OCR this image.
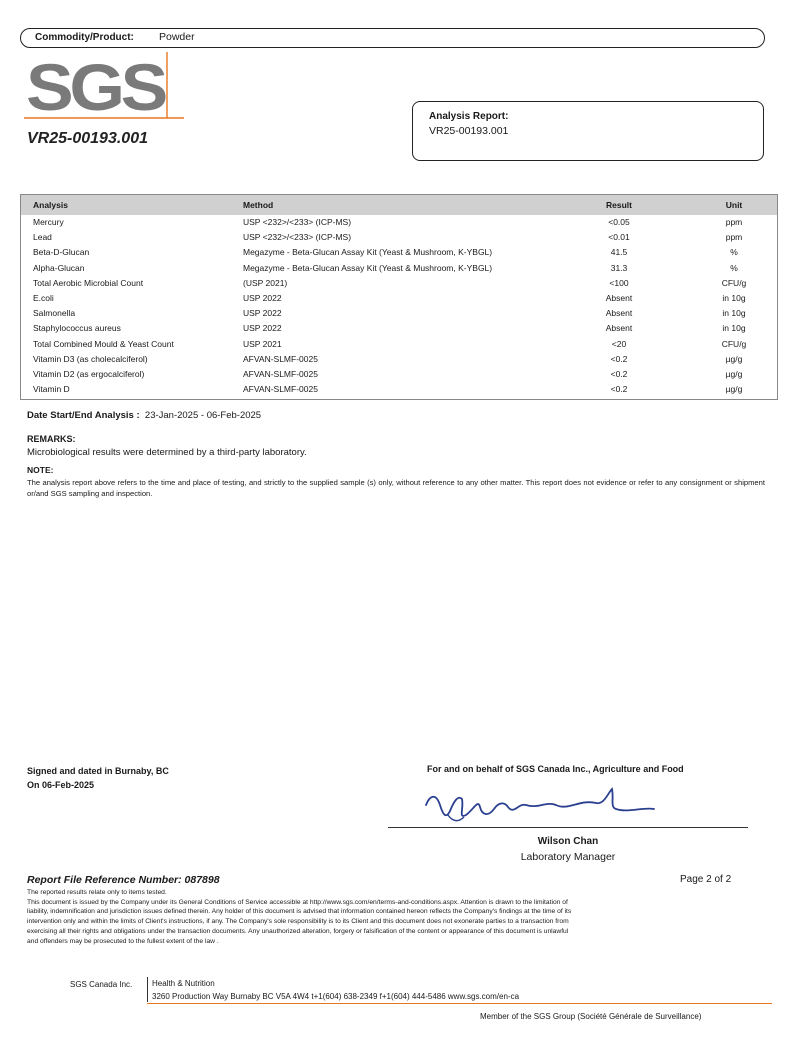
Commodity/Product: Powder
SGS
VR25-00193.001
Analysis Report:
VR25-00193.001
Analysis	Method	Result	Unit
Mercury	USP <232>/<233> (ICP-MS)	<0.05	ppm
Lead	USP <232>/<233> (ICP-MS)	<0.01	ppm
Beta-D-Glucan	Megazyme - Beta-Glucan Assay Kit (Yeast & Mushroom, K-YBGL)	41.5	%
Alpha-Glucan	Megazyme - Beta-Glucan Assay Kit (Yeast & Mushroom, K-YBGL)	31.3	%
Total Aerobic Microbial Count	(USP 2021)	<100	CFU/g
E.coli	USP 2022	Absent	in 10g
Salmonella	USP 2022	Absent	in 10g
Staphylococcus aureus	USP 2022	Absent	in 10g
Total Combined Mould & Yeast Count	USP 2021	<20	CFU/g
Vitamin D3 (as cholecalciferol)	AFVAN-SLMF-0025	<0.2	µg/g
Vitamin D2 (as ergocalciferol)	AFVAN-SLMF-0025	<0.2	µg/g
Vitamin D	AFVAN-SLMF-0025	<0.2	µg/g
Date Start/End Analysis : 23-Jan-2025 - 06-Feb-2025
REMARKS:
Microbiological results were determined by a third-party laboratory.
NOTE:
The analysis report above refers to the time and place of testing, and strictly to the supplied sample (s) only, without reference to any other matter. This report does not evidence or refer to any consignment or shipment or/and SGS sampling and inspection.
Signed and dated in Burnaby, BC
On 06-Feb-2025
For and on behalf of SGS Canada Inc., Agriculture and Food
Wilson Chan
Laboratory Manager
Report File Reference Number: 087898	Page 2 of 2
The reported results relate only to items tested.
This document is issued by the Company under its General Conditions of Service accessible at http://www.sgs.com/en/terms-and-conditions.aspx. Attention is drawn to the limitation of
liability, indemnification and jurisdiction issues defined therein. Any holder of this document is advised that information contained hereon reflects the Company's findings at the time of its
intervention only and within the limits of Client's instructions, if any. The Company's sole responsibility is to its Client and this document does not exonerate parties to a transaction from
exercising all their rights and obligations under the transaction documents. Any unauthorized alteration, forgery or falsification of the content or appearance of this document is unlawful
and offenders may be prosecuted to the fullest extent of the law .
SGS Canada Inc. Health & Nutrition
3260 Production Way Burnaby BC V5A 4W4 t+1(604) 638-2349 f+1(604) 444-5486 www.sgs.com/en-ca
Member of the SGS Group (Société Générale de Surveillance)
